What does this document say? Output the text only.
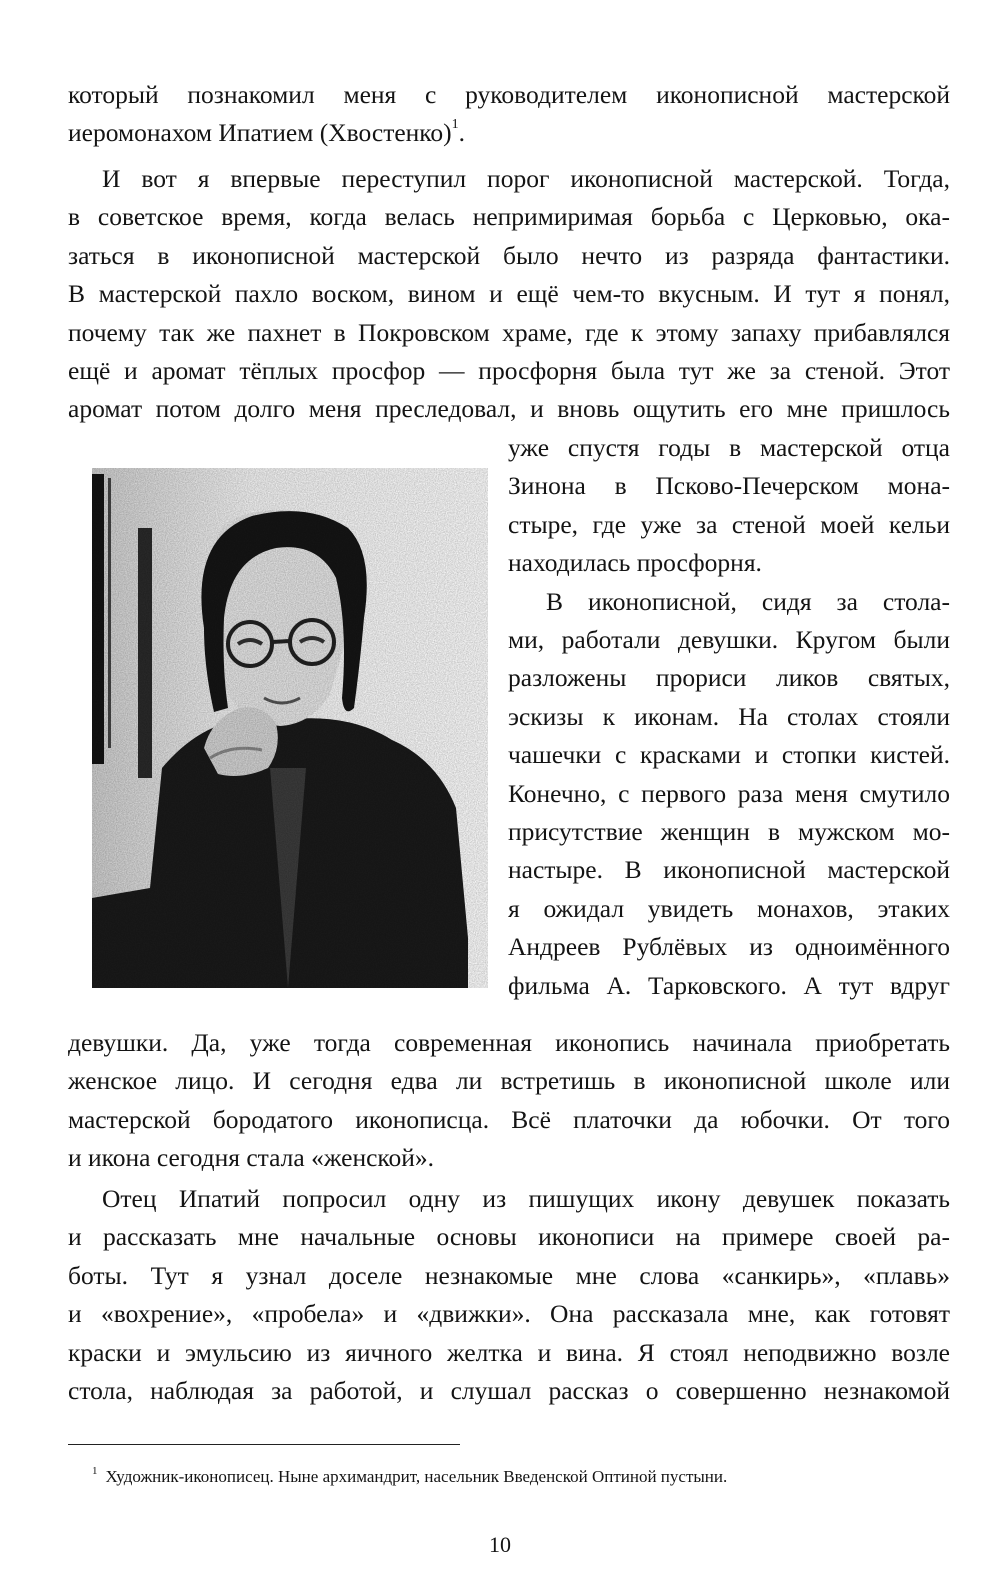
который познакомил меня с руководителем иконописной мастерской
иеромонахом Ипатием (Хвостенко)$^1$.
И вот я впервые переступил порог иконописной мастерской. Тогда,
в советское время, когда велась непримиримая борьба с Церковью, ока-
заться в иконописной мастерской было нечто из разряда фантастики.
В мастерской пахло воском, вином и ещё чем-то вкусным. И тут я понял,
почему так же пахнет в Покровском храме, где к этому запаху прибавлялся
ещё и аромат тёплых просфор — просфорня была тут же за стеной. Этот
аромат потом долго меня преследовал, и вновь ощутить его мне пришлось
уже спустя годы в мастерской отца
Зинона в Псково-Печерском мона-
стыре, где уже за стеной моей кельи
находилась просфорня.
В иконописной, сидя за стола-
ми, работали девушки. Кругом были
разложены прориси ликов святых,
эскизы к иконам. На столах стояли
чашечки с красками и стопки кистей.
Конечно, с первого раза меня смутило
присутствие женщин в мужском мо-
настыре. В иконописной мастерской
я ожидал увидеть монахов, этаких
Андреев Рублёвых из одноимённого
фильма А. Тарковского. А тут вдруг
девушки. Да, уже тогда современная иконопись начинала приобретать
женское лицо. И сегодня едва ли встретишь в иконописной школе или
мастерской бородатого иконописца. Всё платочки да юбочки. От того
и икона сегодня стала «женской».
Отец Ипатий попросил одну из пишущих икону девушек показать
и рассказать мне начальные основы иконописи на примере своей ра-
боты. Тут я узнал доселе незнакомые мне слова «санкирь», «плавь»
и «вохрение», «пробела» и «движки». Она рассказала мне, как готовят
краски и эмульсию из яичного желтка и вина. Я стоял неподвижно возле
стола, наблюдая за работой, и слушал рассказ о совершенно незнакомой
$^1$ Художник-иконописец. Ныне архимандрит, насельник Введенской Оптиной пустыни.
10
